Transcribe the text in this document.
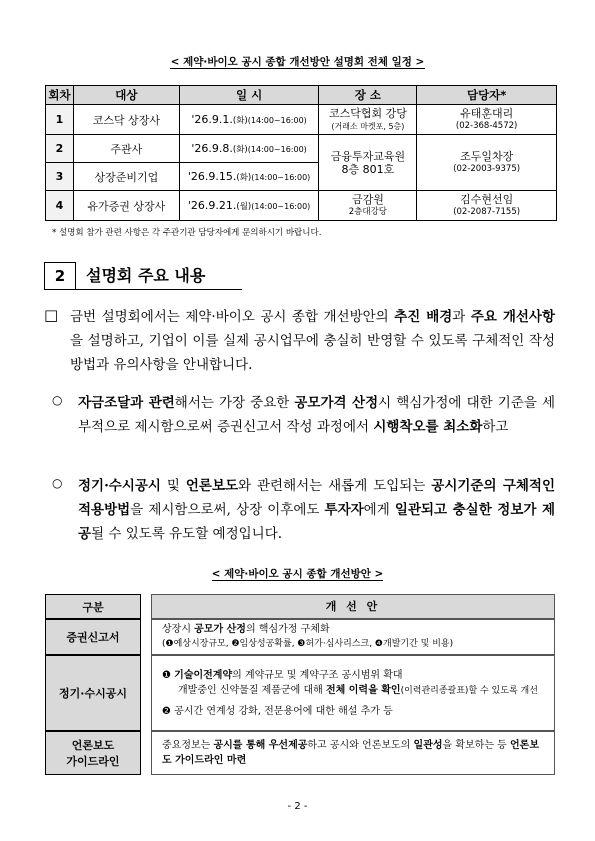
< 제약·바이오 공시 종합 개선방안 설명회 전체 일정 >
회차	대상	일 시	장 소	담당자*
1	코스닥 상장사	'26.9.1.(화)(14:00~16:00)	코스닥협회 강당
(거래소 마켓포, 5층)	유태훈대리
(02-368-4572)

2	주관사	'26.9.8.(화)(14:00~16:00)	금융투자교육원
8층 801호	조두일차장
(02-2003-9375)

3	상장준비기업	'26.9.15.(화)(14:00~16:00)		
4	유가증권 상장사	'26.9.21.(월)(14:00~16:00)	금감원
2층대강당	김수현선임
(02-2087-7155)
* 설명회 참가 관련 사항은 각 주관기관 담당자에게 문의하시기 바랍니다.
2	설명회 주요 내용
□ 금번 설명회에서는 제약·바이오 공시 종합 개선방안의 추진 배경과 주요 개선사항을 설명하고, 기업이 이를 실제 공시업무에 충실히 반영할 수 있도록 구체적인 작성방법과 유의사항을 안내합니다.
○ 자금조달과 관련해서는 가장 중요한 공모가격 산정시 핵심가정에 대한 기준을 세부적으로 제시함으로써 증권신고서 작성 과정에서 시행착오를 최소화하고
○ 정기·수시공시 및 언론보도와 관련해서는 새롭게 도입되는 공시기준의 구체적인 적용방법을 제시함으로써, 상장 이후에도 투자자에게 일관되고 충실한 정보가 제공될 수 있도록 유도할 예정입니다.
< 제약·바이오 공시 종합 개선방안 >
구분		개 선 안
증권신고서		상장시 공모가 산정의 핵심가정 구체화
(❶예상시장규모, ❷임상성공확률, ❸허가·심사리스크, ❹개발기간 및 비용)

정기·수시공시		❶ 기술이전계약의 계약규모 및 계약구조 공시범위 확대
개발중인 신약물질 제품군에 대해 전체 이력을 확인(이력관리종괄표)할 수 있도록 개선
❷ 공시간 연계성 강화, 전문용어에 대한 해설 추가 등

언론보도
가이드라인		중요정보는 공시를 통해 우선제공하고 공시와 언론보도의 일관성을 확보하는 등 언론보도 가이드라인 마련
- 2 -
